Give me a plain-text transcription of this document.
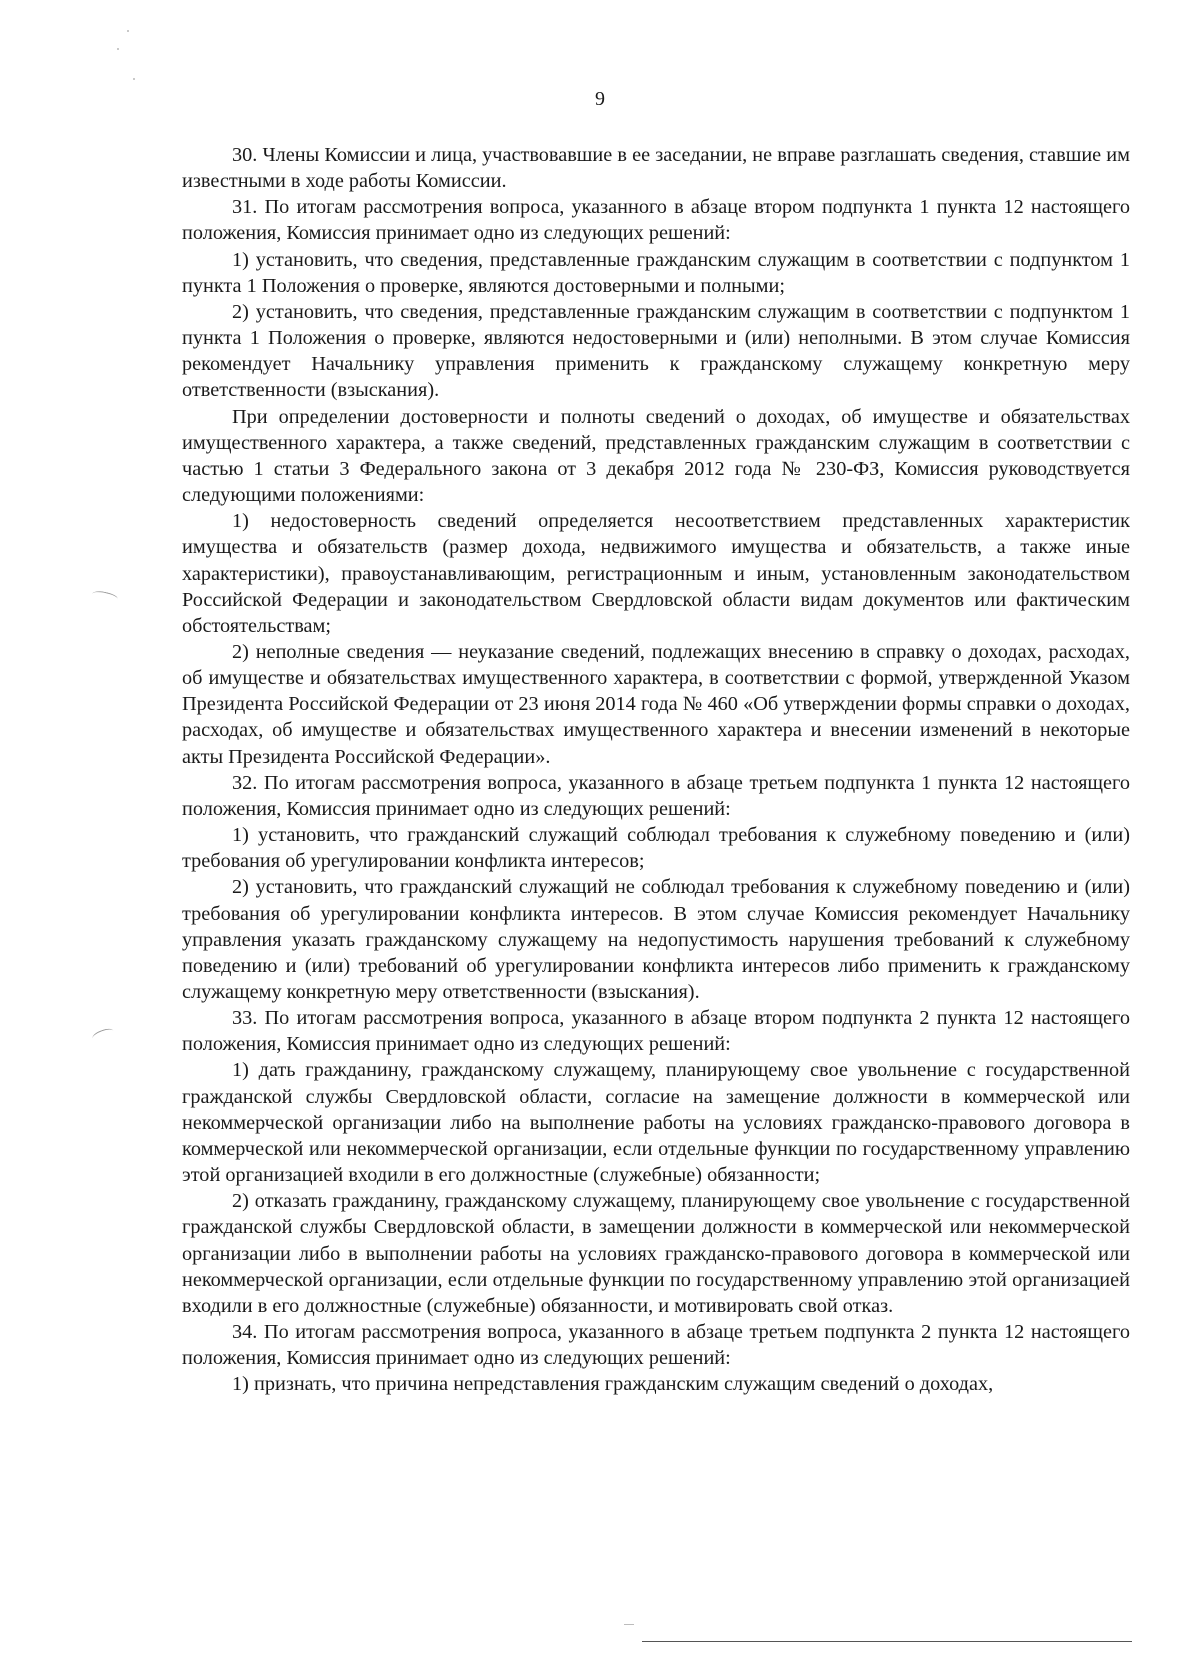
9

30. Члены Комиссии и лица, участвовавшие в ее заседании, не вправе разглашать сведения, ставшие им известными в ходе работы Комиссии.

31. По итогам рассмотрения вопроса, указанного в абзаце втором подпункта 1 пункта 12 настоящего положения, Комиссия принимает одно из следующих решений:

1) установить, что сведения, представленные гражданским служащим в соответствии с подпунктом 1 пункта 1 Положения о проверке, являются достоверными и полными;

2) установить, что сведения, представленные гражданским служащим в соответствии с подпунктом 1 пункта 1 Положения о проверке, являются недостоверными и (или) неполными. В этом случае Комиссия рекомендует Начальнику управления применить к гражданскому служащему конкретную меру ответственности (взыскания).

При определении достоверности и полноты сведений о доходах, об имуществе и обязательствах имущественного характера, а также сведений, представленных гражданским служащим в соответствии с частью 1 статьи 3 Федерального закона от 3 декабря 2012 года № 230-ФЗ, Комиссия руководствуется следующими положениями:

1) недостоверность сведений определяется несоответствием представленных характеристик имущества и обязательств (размер дохода, недвижимого имущества и обязательств, а также иные характеристики), правоустанавливающим, регистрационным и иным, установленным законодательством Российской Федерации и законодательством Свердловской области видам документов или фактическим обстоятельствам;

2) неполные сведения — неуказание сведений, подлежащих внесению в справку о доходах, расходах, об имуществе и обязательствах имущественного характера, в соответствии с формой, утвержденной Указом Президента Российской Федерации от 23 июня 2014 года № 460 «Об утверждении формы справки о доходах, расходах, об имуществе и обязательствах имущественного характера и внесении изменений в некоторые акты Президента Российской Федерации».

32. По итогам рассмотрения вопроса, указанного в абзаце третьем подпункта 1 пункта 12 настоящего положения, Комиссия принимает одно из следующих решений:

1) установить, что гражданский служащий соблюдал требования к служебному поведению и (или) требования об урегулировании конфликта интересов;

2) установить, что гражданский служащий не соблюдал требования к служебному поведению и (или) требования об урегулировании конфликта интересов. В этом случае Комиссия рекомендует Начальнику управления указать гражданскому служащему на недопустимость нарушения требований к служебному поведению и (или) требований об урегулировании конфликта интересов либо применить к гражданскому служащему конкретную меру ответственности (взыскания).

33. По итогам рассмотрения вопроса, указанного в абзаце втором подпункта 2 пункта 12 настоящего положения, Комиссия принимает одно из следующих решений:

1) дать гражданину, гражданскому служащему, планирующему свое увольнение с государственной гражданской службы Свердловской области, согласие на замещение должности в коммерческой или некоммерческой организации либо на выполнение работы на условиях гражданско-правового договора в коммерческой или некоммерческой организации, если отдельные функции по государственному управлению этой организацией входили в его должностные (служебные) обязанности;

2) отказать гражданину, гражданскому служащему, планирующему свое увольнение с государственной гражданской службы Свердловской области, в замещении должности в коммерческой или некоммерческой организации либо в выполнении работы на условиях гражданско-правового договора в коммерческой или некоммерческой организации, если отдельные функции по государственному управлению этой организацией входили в его должностные (служебные) обязанности, и мотивировать свой отказ.

34. По итогам рассмотрения вопроса, указанного в абзаце третьем подпункта 2 пункта 12 настоящего положения, Комиссия принимает одно из следующих решений:

1) признать, что причина непредставления гражданским служащим сведений о доходах,
